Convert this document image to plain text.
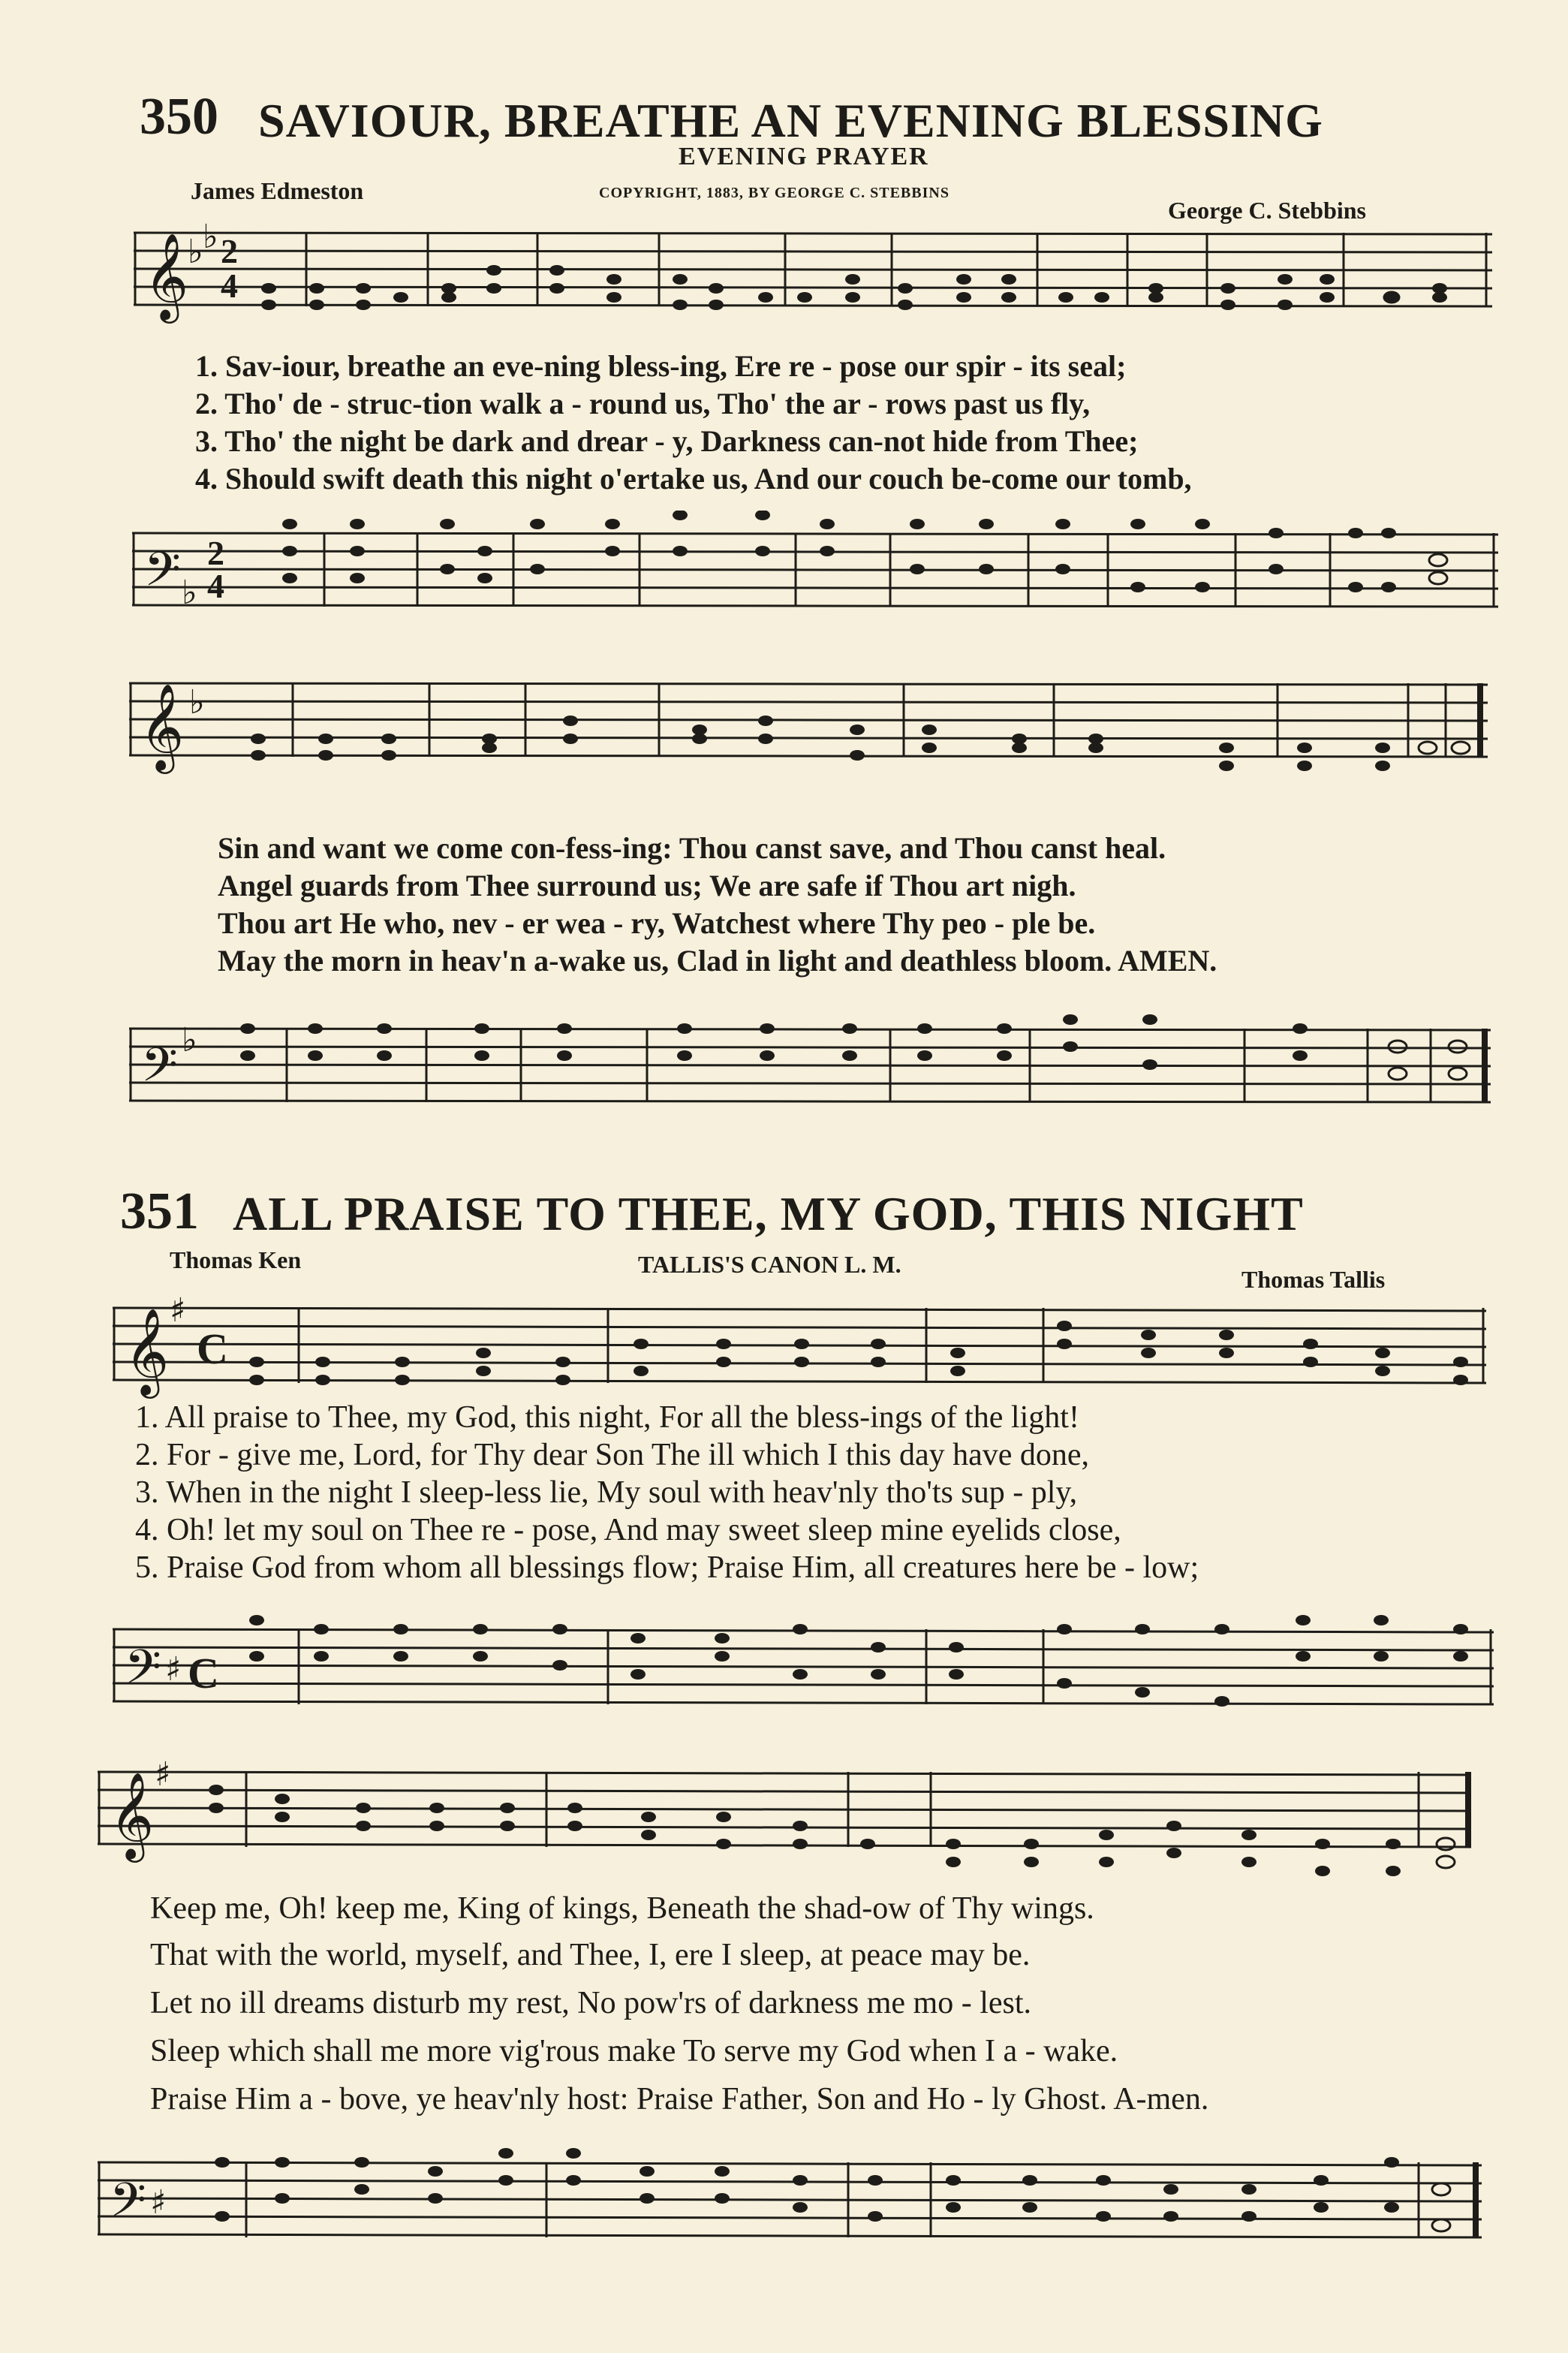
350 SAVIOUR, BREATHE AN EVENING BLESSING
EVENING PRAYER
James Edmeston	COPYRIGHT, 1883, BY GEORGE C. STEBBINS
George C. Stebbins
𝄞
♭ ♭ 2
4
1. Sav-iour, breathe an eve-ning bless-ing, Ere re - pose our spir - its seal;
2. Tho' de - struc-tion walk a - round us, Tho' the ar - rows past us fly,
3. Tho' the night be dark and drear - y, Darkness can-not hide from Thee;
4. Should swift death this night o'ertake us, And our couch be-come our tomb,
𝄢 ♭
2
4
𝄞 ♭
Sin and want we come con-fess-ing: Thou canst save, and Thou canst heal.
Angel guards from Thee surround us; We are safe if Thou art nigh.
Thou art He who, nev - er wea - ry, Watchest where Thy peo - ple be.
May the morn in heav'n a-wake us, Clad in light and deathless bloom. AMEN.
𝄢 ♭
351 ALL PRAISE TO THEE, MY GOD, THIS NIGHT
Thomas Ken	TALLIS'S CANON L. M.
Thomas Tallis
𝄞 ♯
C
1. All praise to Thee, my God, this night, For all the bless-ings of the light!
2. For - give me, Lord, for Thy dear Son The ill which I this day have done,
3. When in the night I sleep-less lie, My soul with heav'nly tho'ts sup - ply,
4. Oh! let my soul on Thee re - pose, And may sweet sleep mine eyelids close,
5. Praise God from whom all blessings flow; Praise Him, all creatures here be - low;
𝄢 ♯ C
𝄞 ♯
Keep me, Oh! keep me, King of kings, Beneath the shad-ow of Thy wings.
That with the world, myself, and Thee, I, ere I sleep, at peace may be.
Let no ill dreams disturb my rest, No pow'rs of darkness me mo - lest.
Sleep which shall me more vig'rous make To serve my God when I a - wake.
Praise Him a - bove, ye heav'nly host: Praise Father, Son and Ho - ly Ghost. A-men.
𝄢 ♯
